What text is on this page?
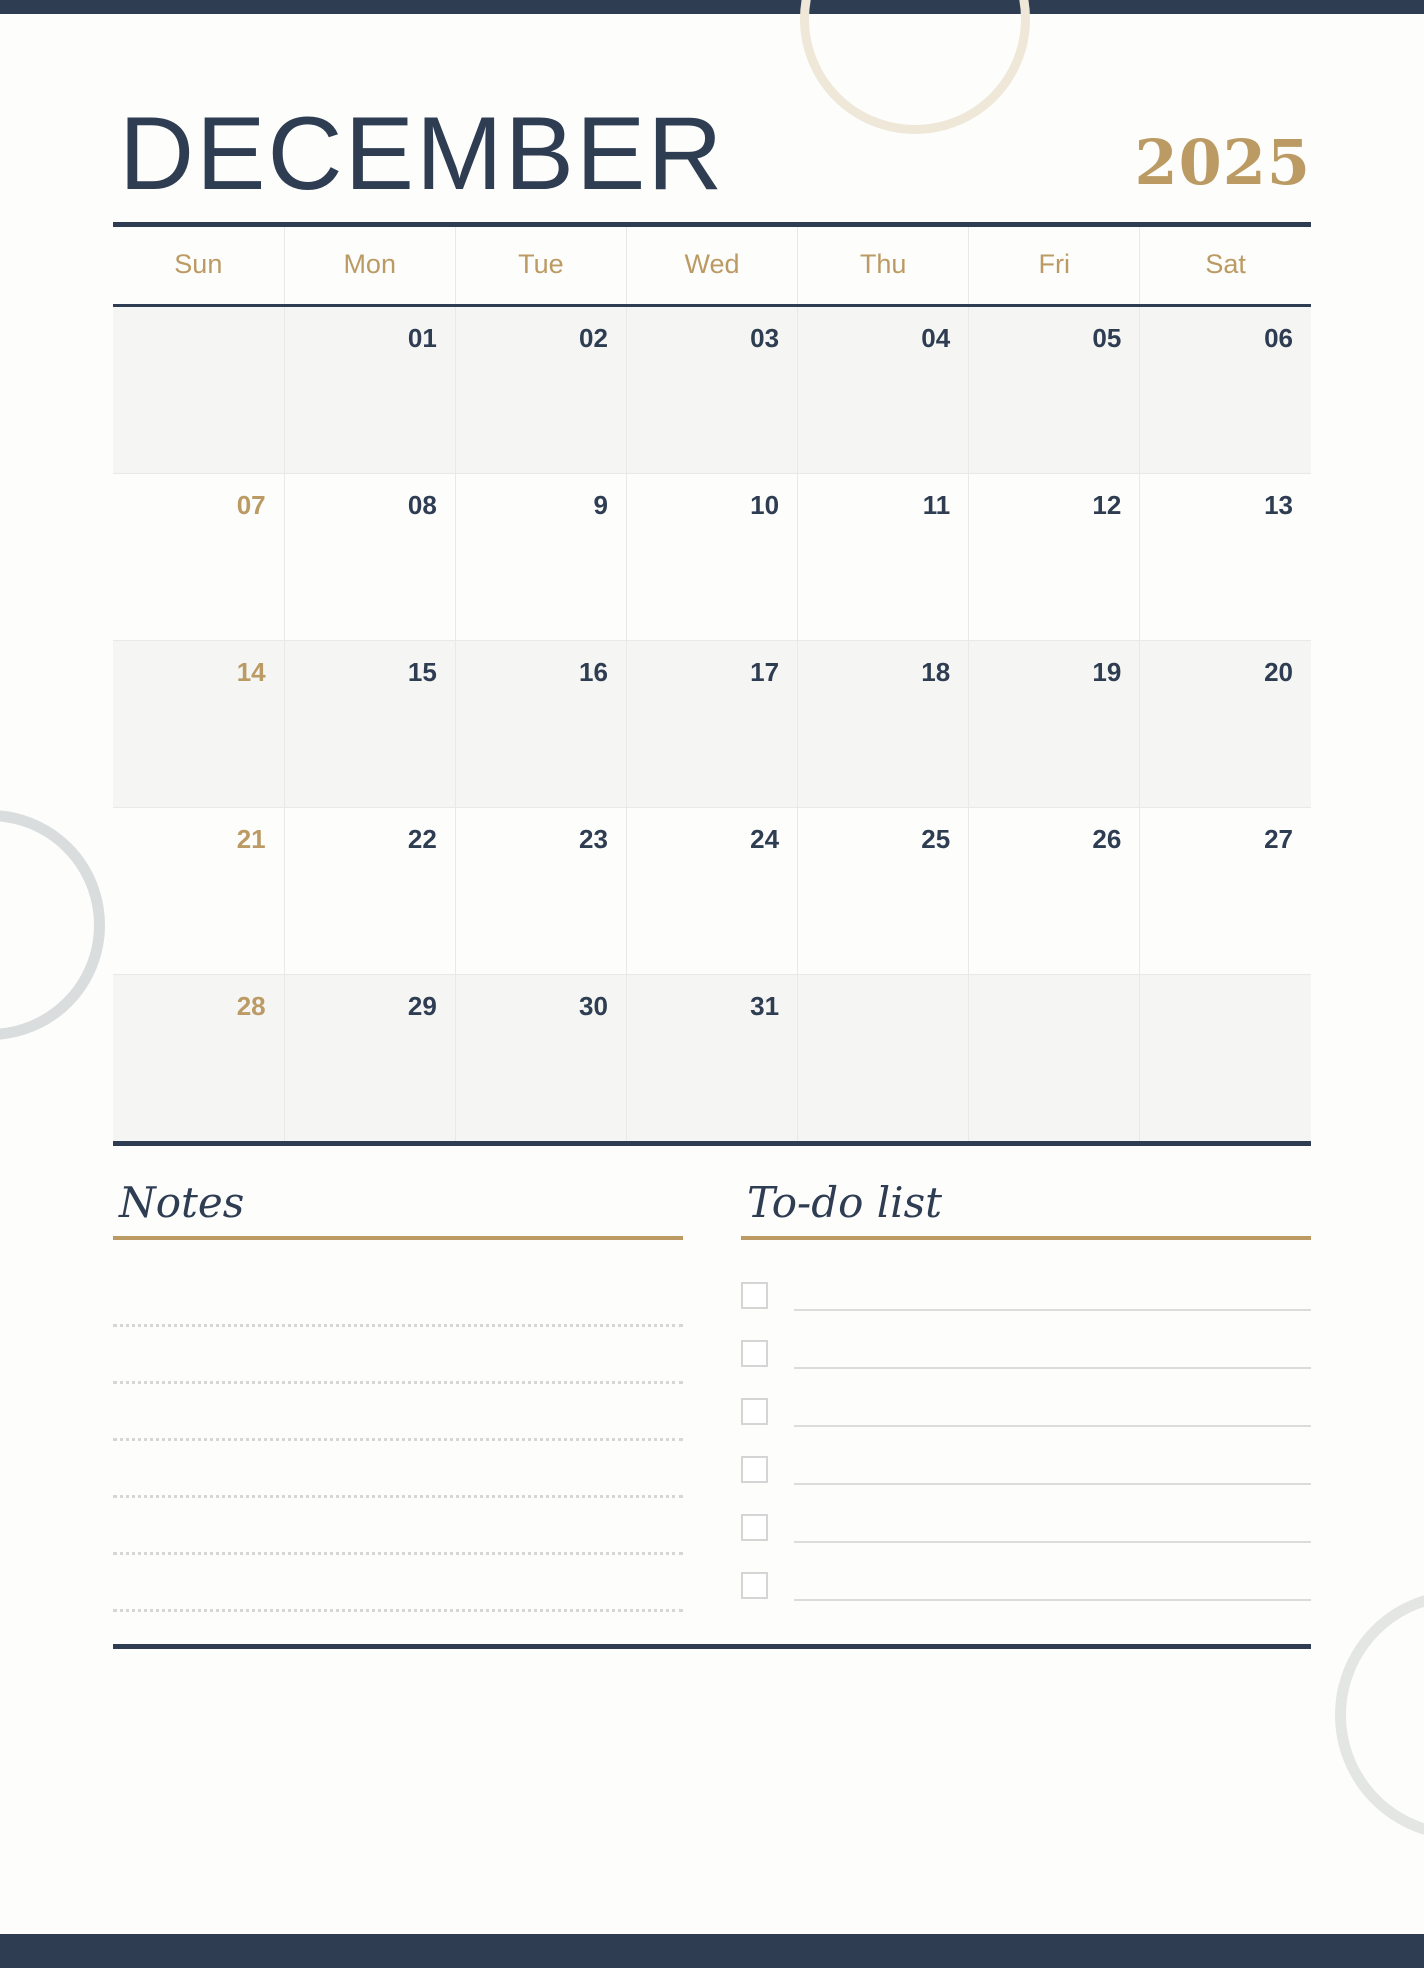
DECEMBER	2025
Sun	Mon	Tue	Wed	Thu	Fri	Sat
	01	02	03	04	05	06
07	08	9	10	11	12	13
14	15	16	17	18	19	20
21	22	23	24	25	26	27
28	29	30	31			
Notes	To-do list
